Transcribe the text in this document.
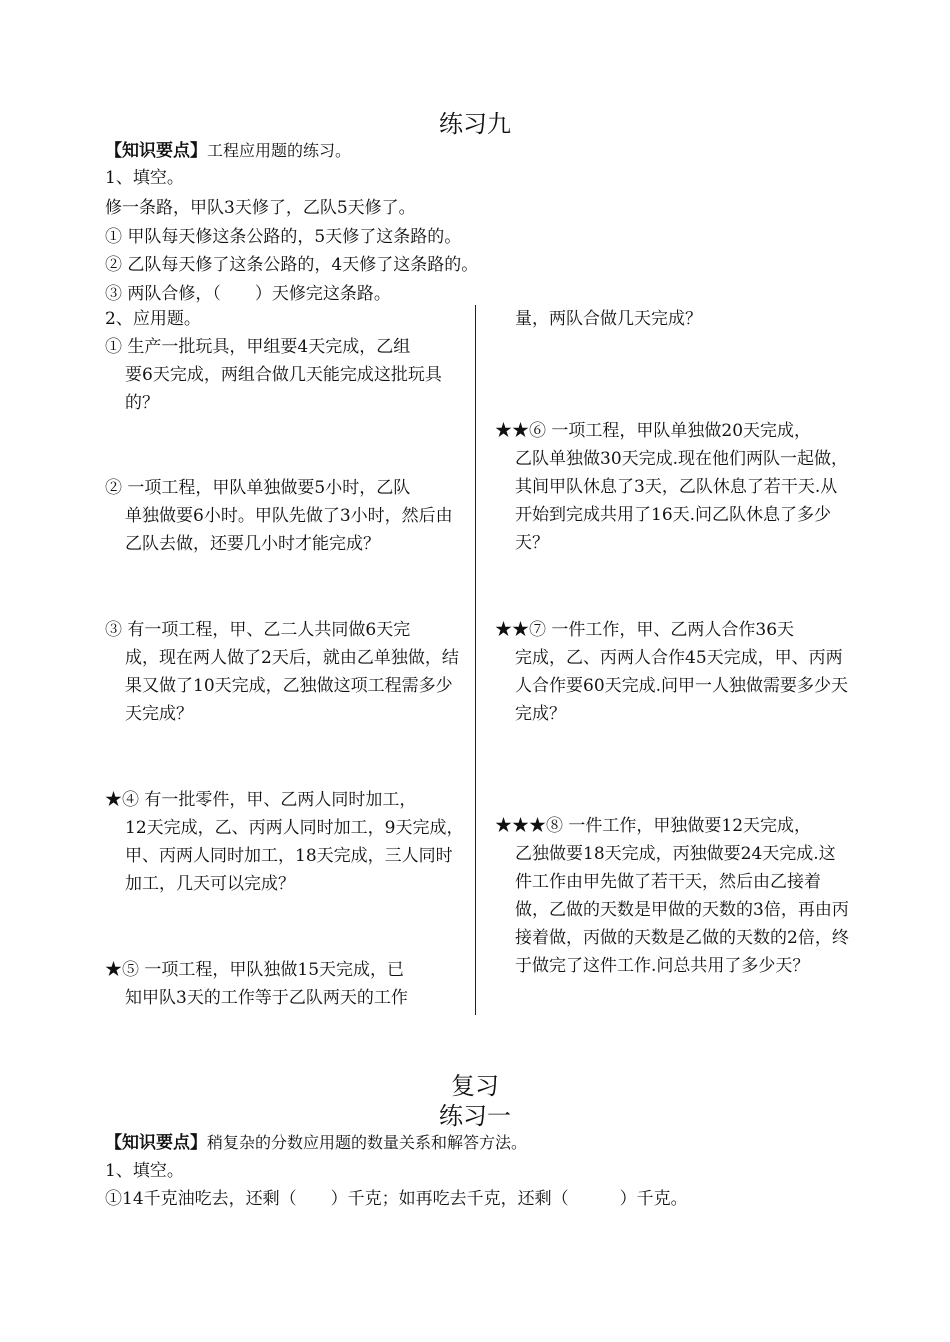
练习九
【知识要点】工程应用题的练习。
1、填空。
修一条路，甲队3天修了，乙队5天修了。
① 甲队每天修这条公路的，5天修了这条路的。
② 乙队每天修了这条公路的，4天修了这条路的。
③ 两队合修，（　　）天修完这条路。
2、应用题。
① 生产一批玩具，甲组要4天完成，乙组
要6天完成，两组合做几天能完成这批玩具的？
② 一项工程，甲队单独做要5小时，乙队
单独做要6小时。甲队先做了3小时，然后由乙队去做，还要几小时才能完成？
③ 有一项工程，甲、乙二人共同做6天完
成，现在两人做了2天后，就由乙单独做，结果又做了10天完成，乙独做这项工程需多少天完成？
★④ 有一批零件，甲、乙两人同时加工，
12天完成，乙、丙两人同时加工，9天完成，甲、丙两人同时加工，18天完成，三人同时加工，几天可以完成？
★⑤ 一项工程，甲队独做15天完成，已
知甲队3天的工作等于乙队两天的工作
量，两队合做几天完成？
★★⑥ 一项工程，甲队单独做20天完成，
乙队单独做30天完成.现在他们两队一起做，其间甲队休息了3天，乙队休息了若干天.从开始到完成共用了16天.问乙队休息了多少天？
★★⑦ 一件工作，甲、乙两人合作36天
完成，乙、丙两人合作45天完成，甲、丙两人合作要60天完成.问甲一人独做需要多少天完成？
★★★⑧ 一件工作，甲独做要12天完成，
乙独做要18天完成，丙独做要24天完成.这件工作由甲先做了若干天，然后由乙接着做，乙做的天数是甲做的天数的3倍，再由丙接着做，丙做的天数是乙做的天数的2倍，终于做完了这件工作.问总共用了多少天？
复习
练习一
【知识要点】稍复杂的分数应用题的数量关系和解答方法。
1、填空。
①14千克油吃去，还剩（　　）千克；如再吃去千克，还剩（　　　）千克。
